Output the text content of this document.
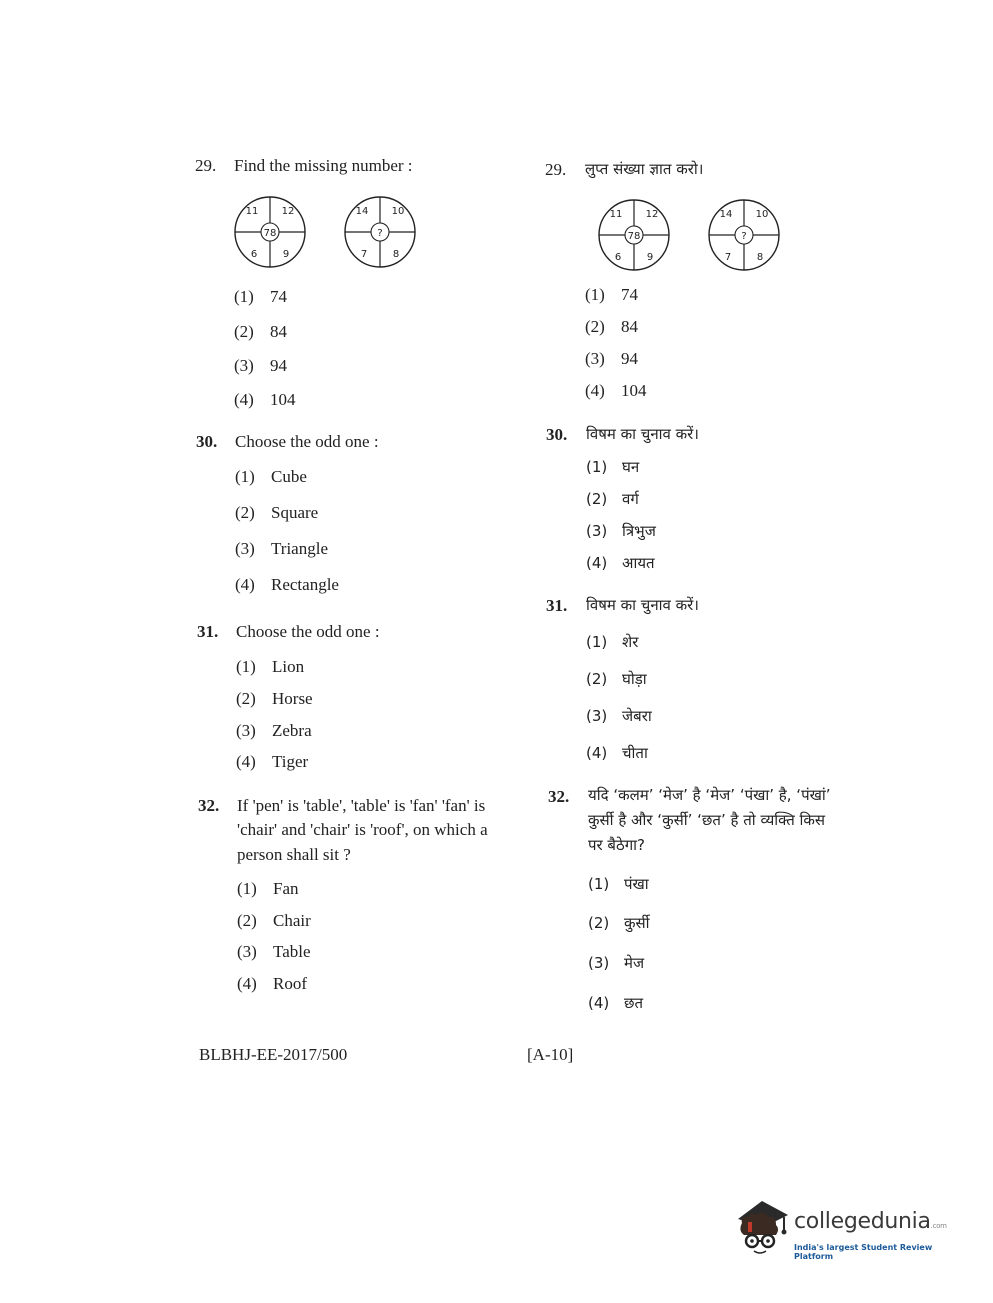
29. Find the missing number :
11 12
78
6	9
14 10
?
7	8
(1) 74
(2) 84
(3) 94
(4) 104
30. Choose the odd one :
(1) Cube
(2) Square
(3) Triangle
(4) Rectangle
31. Choose the odd one :
(1) Lion
(2) Horse
(3) Zebra
(4) Tiger
32. If 'pen' is 'table', 'table' is 'fan' 'fan' is
'chair' and 'chair' is 'roof', on which a
person shall sit ?
(1) Fan
(2) Chair
(3) Table
(4) Roof
29. लुप्त संख्या ज्ञात करो।
11 12
78
6	9
14 10
?
7	8
(1) 74
(2) 84
(3) 94
(4) 104
30. विषम का चुनाव करें।
(1) घन
(2) वर्ग
(3) त्रिभुज
(4) आयत
31. विषम का चुनाव करें।
(1) शेर
(2) घोड़ा
(3) जेबरा
(4) चीता
32. यदि ‘कलम’ ‘मेज’ है ‘मेज’ ‘पंखा’ है, ‘पंखां’
कुर्सी है और ‘कुर्सी’ ‘छत’ है तो व्यक्ति किस
पर बैठेगा?
(1) पंखा
(2) कुर्सी
(3) मेज
(4) छत
BLBHJ-EE-2017/500	[A-10]
collegedunia.com
India's largest Student Review Platform
